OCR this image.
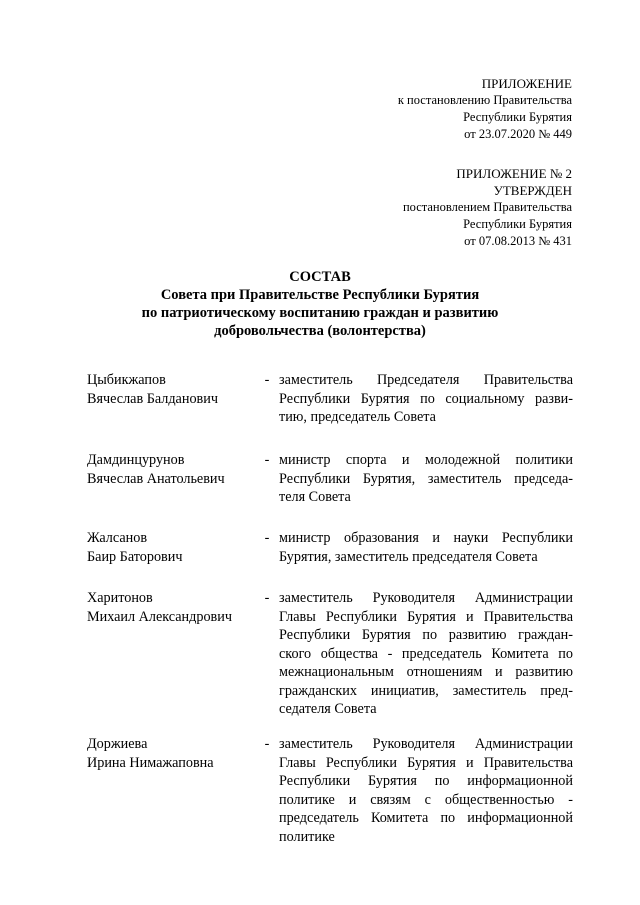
ПРИЛОЖЕНИЕ
к постановлению Правительства
Республики Бурятия
от 23.07.2020 № 449
ПРИЛОЖЕНИЕ № 2
УТВЕРЖДЕН
постановлением Правительства
Республики Бурятия
от 07.08.2013 № 431
СОСТАВ
Совета при Правительстве Республики Бурятия
по патриотическому воспитанию граждан и развитию
добровольчества (волонтерства)
Цыбикжапов
Вячеслав Балданович
- заместитель Председателя Правительства
Республики Бурятия по социальному разви-
тию, председатель Совета
Дамдинцурунов
Вячеслав Анатольевич
- министр спорта и молодежной политики
Республики Бурятия, заместитель председа-
теля Совета
Жалсанов
Баир Баторович
- министр образования и науки Республики
Бурятия, заместитель председателя Совета
Харитонов
Михаил Александрович
- заместитель Руководителя Администрации
Главы Республики Бурятия и Правительства
Республики Бурятия по развитию граждан-
ского общества - председатель Комитета по
межнациональным отношениям и развитию
гражданских инициатив, заместитель пред-
седателя Совета
Доржиева
Ирина Нимажаповна
- заместитель Руководителя Администрации
Главы Республики Бурятия и Правительства
Республики Бурятия по информационной
политике и связям с общественностью -
председатель Комитета по информационной
политике
